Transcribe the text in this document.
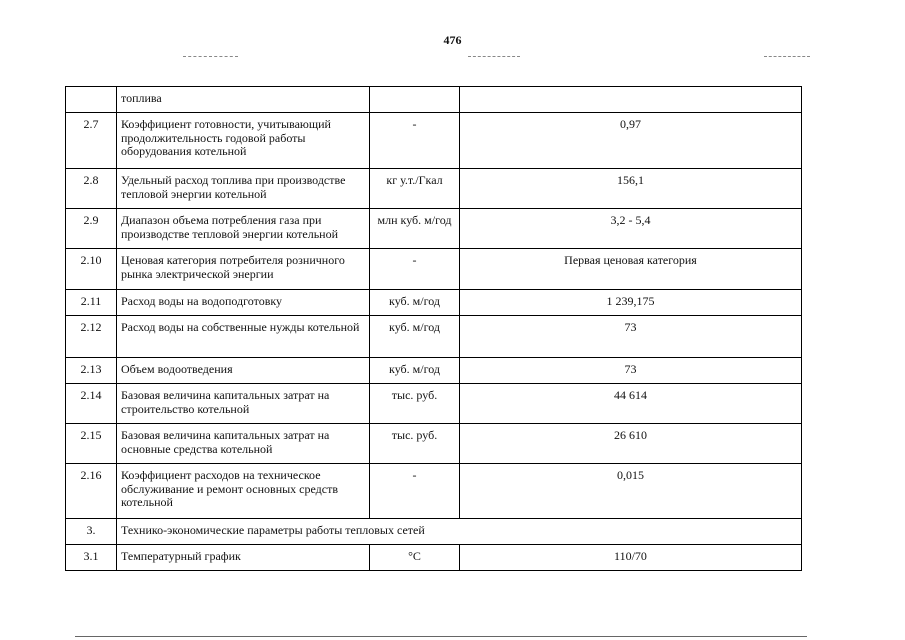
476
	топлива		
2.7	Коэффициент готовности, учитывающий продолжительность годовой работы оборудования котельной	-	0,97
2.8	Удельный расход топлива при производстве тепловой энергии котельной	кг у.т./Гкал	156,1
2.9	Диапазон объема потребления газа при производстве тепловой энергии котельной	млн куб. м/год	3,2 - 5,4
2.10	Ценовая категория потребителя розничного рынка электрической энергии	-	Первая ценовая категория
2.11	Расход воды на водоподготовку	куб. м/год	1 239,175
2.12	Расход воды на собственные нужды котельной	куб. м/год	73
2.13	Объем водоотведения	куб. м/год	73
2.14	Базовая величина капитальных затрат на строительство котельной	тыс. руб.	44 614
2.15	Базовая величина капитальных затрат на основные средства котельной	тыс. руб.	26 610
2.16	Коэффициент расходов на техническое обслуживание и ремонт основных средств котельной	-	0,015
3.	Технико-экономические параметры работы тепловых сетей		
3.1	Температурный график	°С	110/70
